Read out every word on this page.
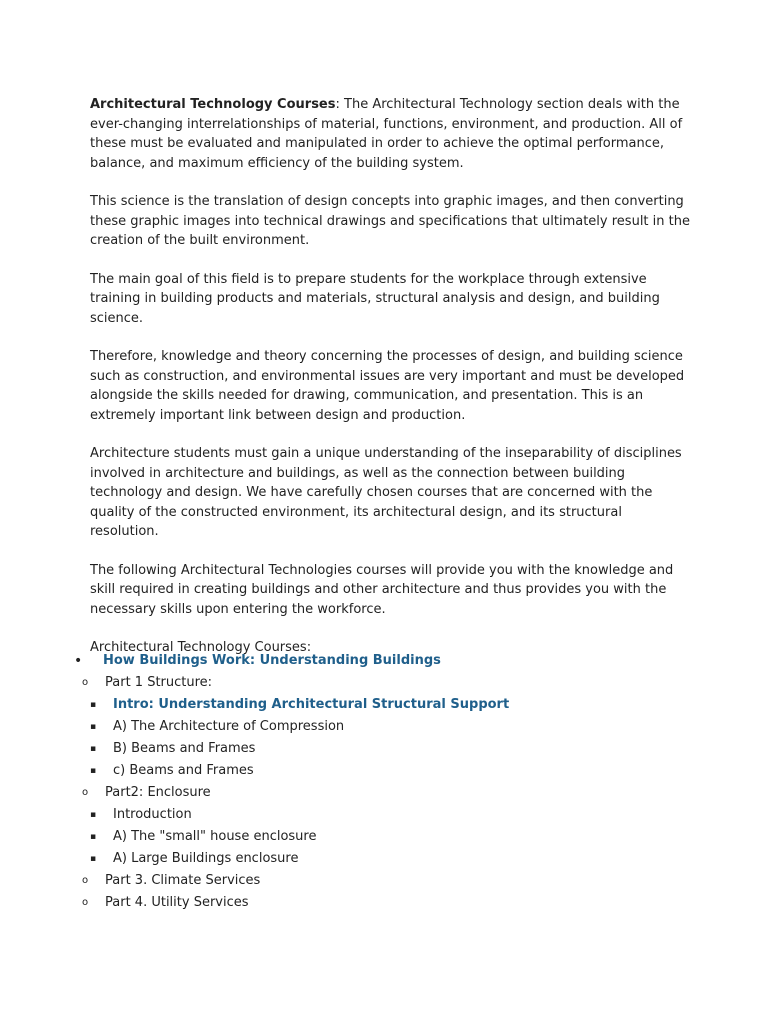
Architectural Technology Courses: The Architectural Technology section deals with the ever-changing interrelationships of material, functions, environment, and production. All of these must be evaluated and manipulated in order to achieve the optimal performance, balance, and maximum efficiency of the building system.

This science is the translation of design concepts into graphic images, and then converting these graphic images into technical drawings and specifications that ultimately result in the creation of the built environment.

The main goal of this field is to prepare students for the workplace through extensive training in building products and materials, structural analysis and design, and building science.

Therefore, knowledge and theory concerning the processes of design, and building science such as construction, and environmental issues are very important and must be developed alongside the skills needed for drawing, communication, and presentation. This is an extremely important link between design and production.

Architecture students must gain a unique understanding of the inseparability of disciplines involved in architecture and buildings, as well as the connection between building technology and design. We have carefully chosen courses that are concerned with the quality of the constructed environment, its architectural design, and its structural resolution.

The following Architectural Technologies courses will provide you with the knowledge and skill required in creating buildings and other architecture and thus provides you with the necessary skills upon entering the workforce.

Architectural Technology Courses:

• How Buildings Work: Understanding Buildings
o Part 1 Structure:
▪ Intro: Understanding Architectural Structural Support
▪ A) The Architecture of Compression
▪ B) Beams and Frames
▪ c) Beams and Frames
o Part2: Enclosure
▪ Introduction
▪ A) The "small" house enclosure
▪ A) Large Buildings enclosure
o Part 3. Climate Services
o Part 4. Utility Services
